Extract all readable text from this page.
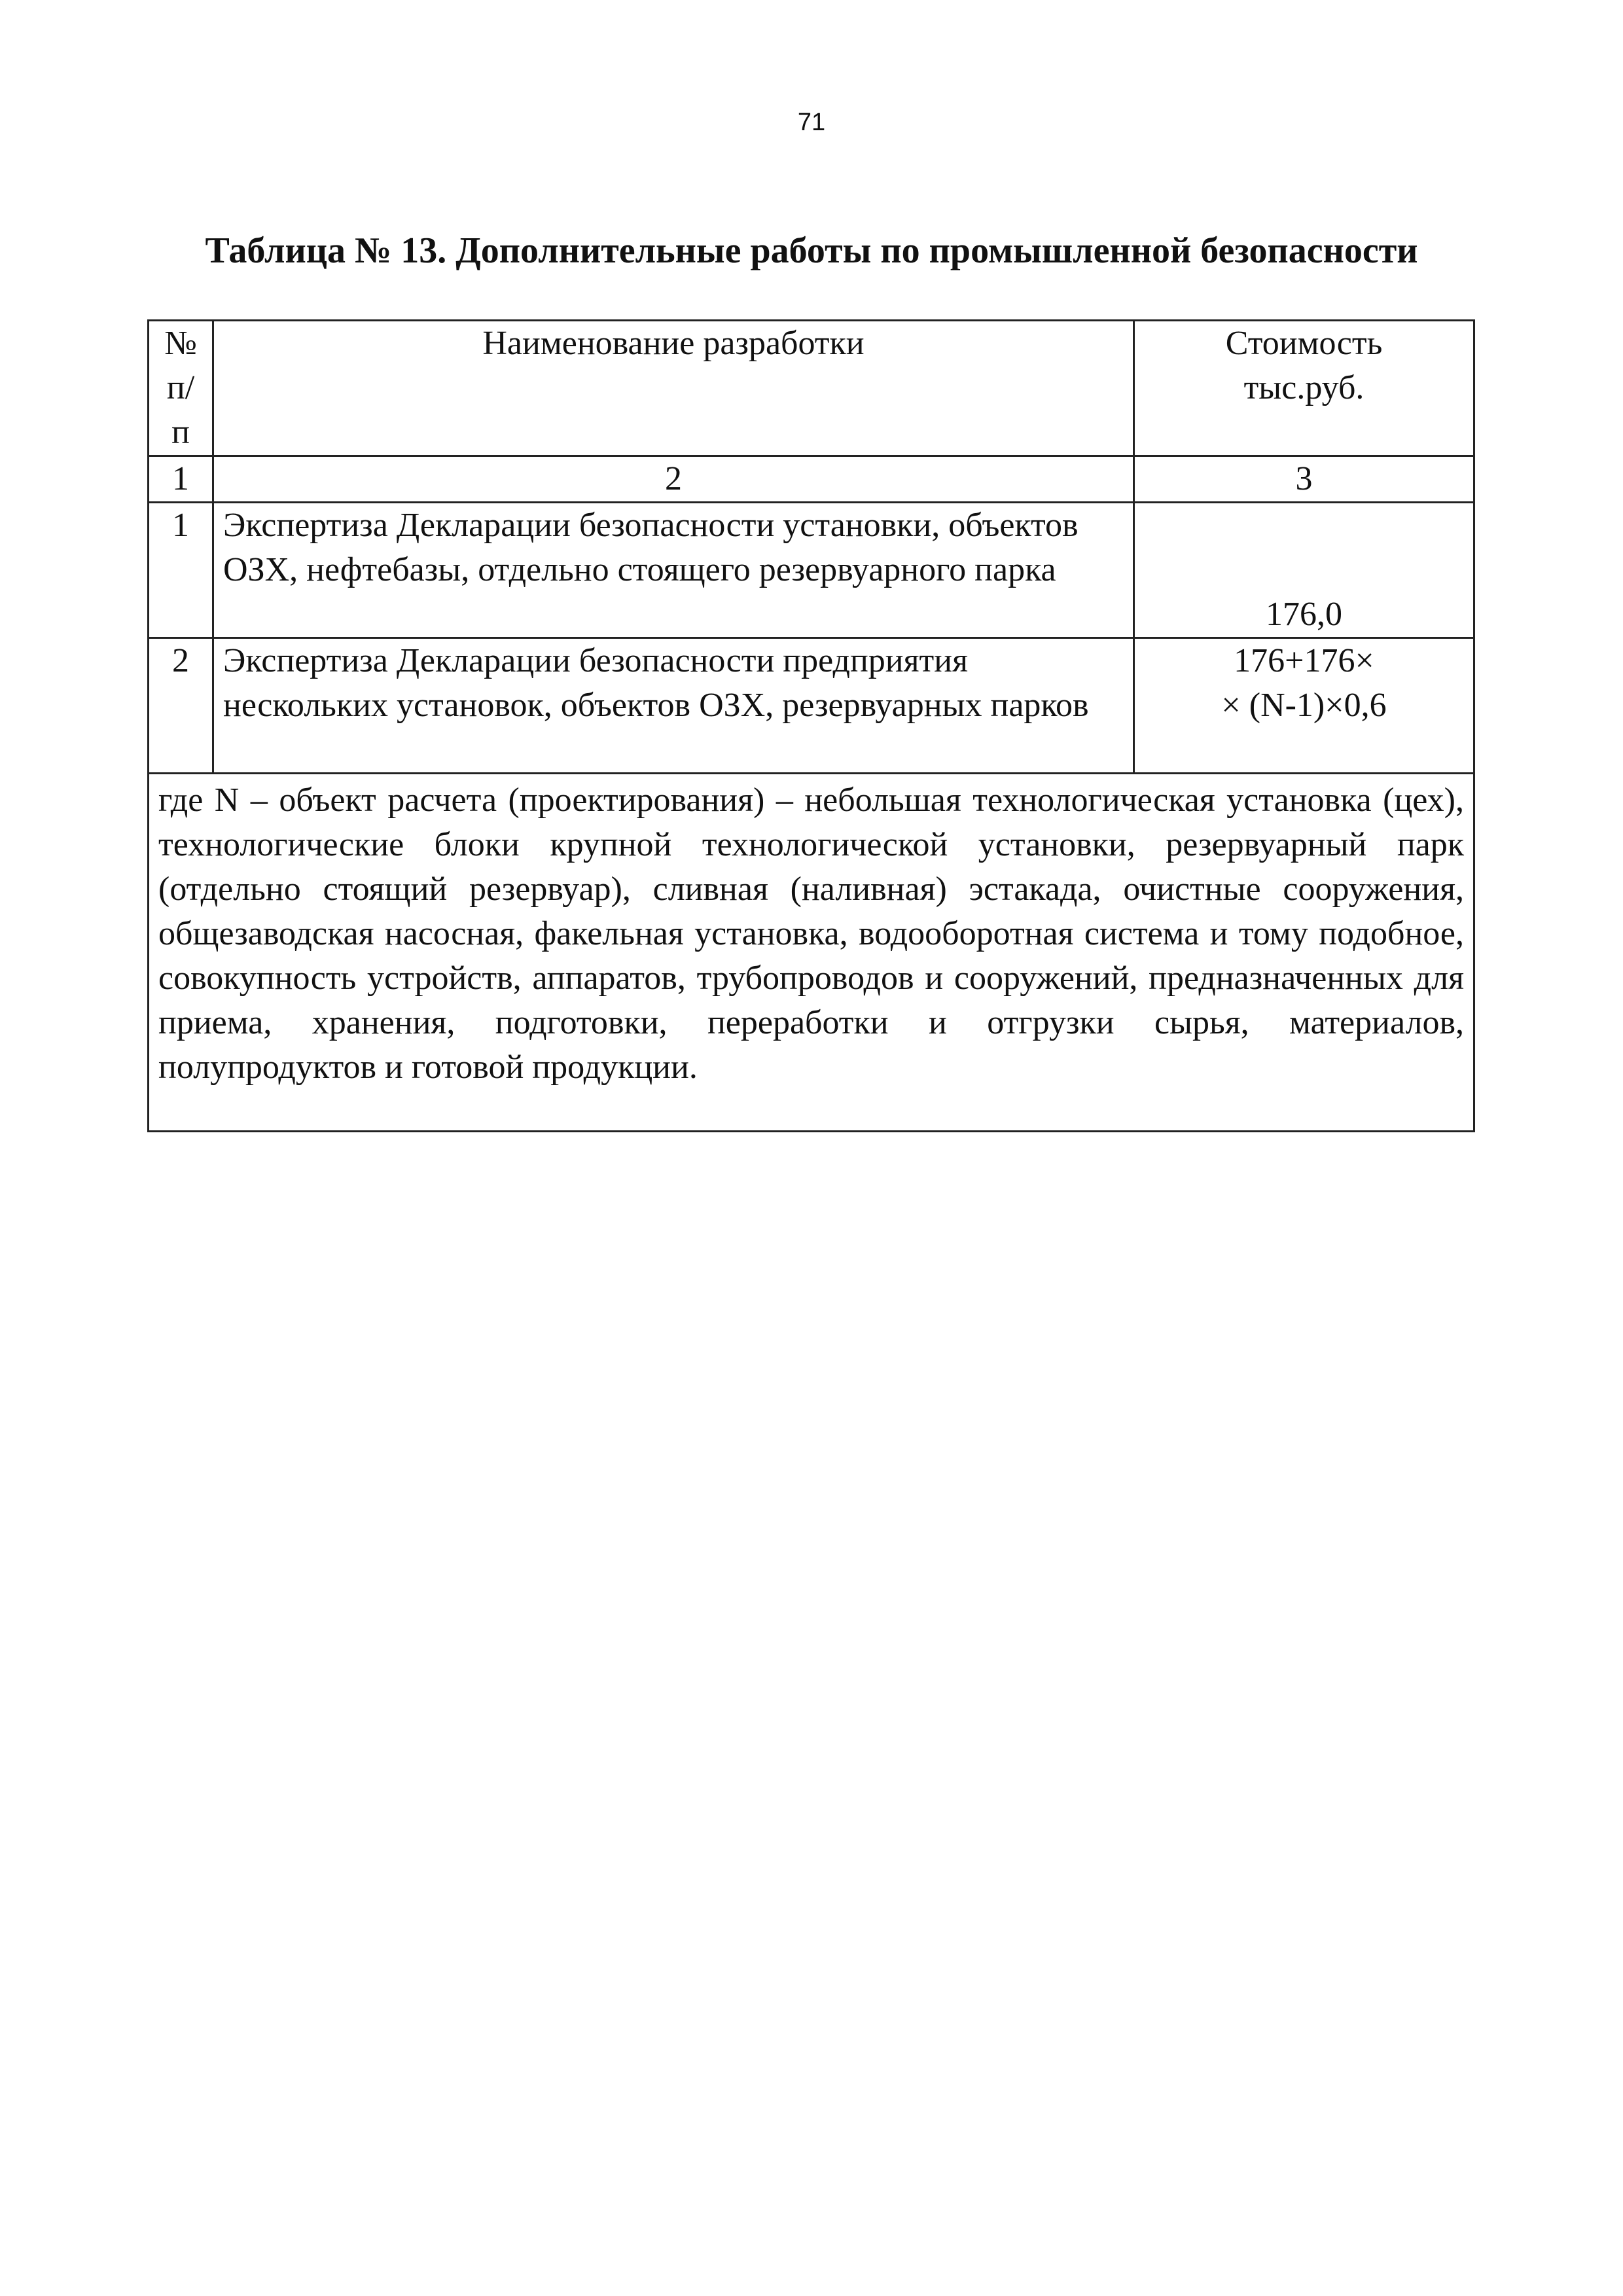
71
Таблица № 13. Дополнительные работы по промышленной безопасности
№ п/п	Наименование разработки	Стоимость
тыс.руб.

1	2	3
1	Экспертиза Декларации безопасности установки, объектов ОЗХ, нефтебазы, отдельно стоящего резервуарного парка	176,0
2	Экспертиза Декларации безопасности предприятия нескольких установок, объектов ОЗХ, резервуарных парков	176+176×
× (N-1)×0,6

где N – объект расчета (проектирования) – небольшая технологическая установка (цех), технологические блоки крупной технологической установки, резервуарный парк (отдельно стоящий резервуар), сливная (наливная) эстакада, очистные сооружения, общезаводская насосная, факельная установка, водооборотная система и тому подобное, совокупность устройств, аппаратов, трубопроводов и сооружений, предназначенных для приема, хранения, подготовки, переработки и отгрузки сырья, материалов, полупродуктов и готовой продукции.		
